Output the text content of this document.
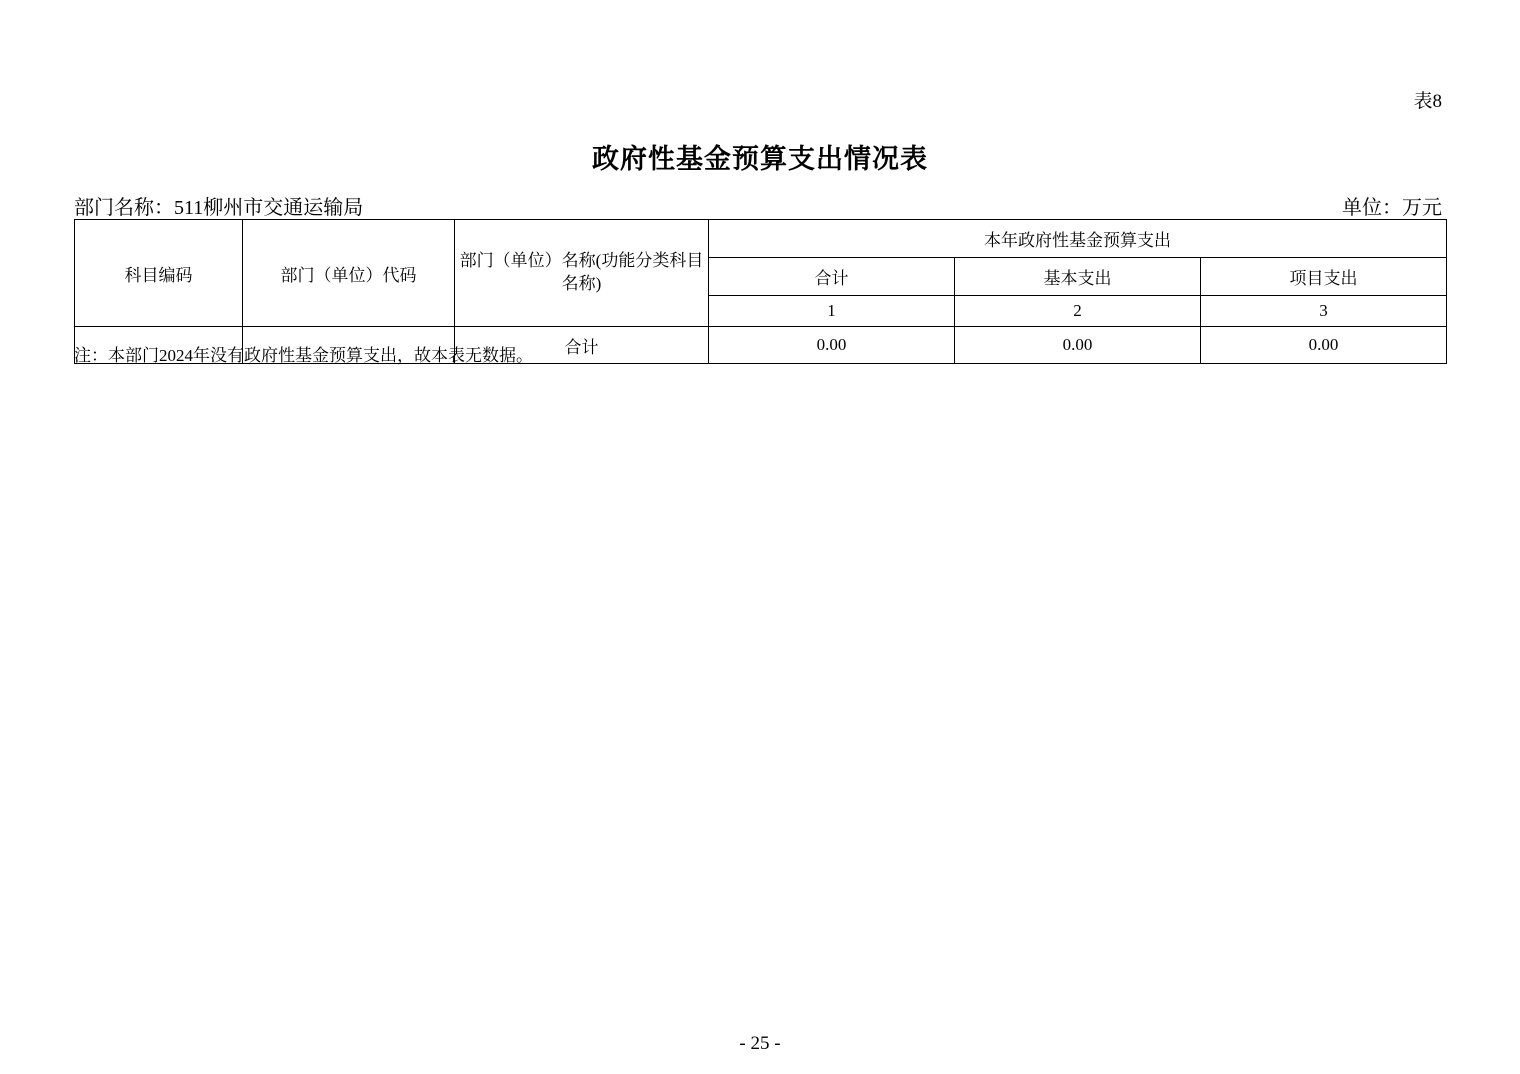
表8
政府性基金预算支出情况表
部门名称：511柳州市交通运输局	单位：万元
科目编码	部门（单位）代码	部门（单位）名称(功能分类科目名称)	本年政府性基金预算支出		
			合计	基本支出	项目支出
			1	2	3
		合计	0.00	0.00	0.00
注：本部门2024年没有政府性基金预算支出，故本表无数据。
- 25 -
